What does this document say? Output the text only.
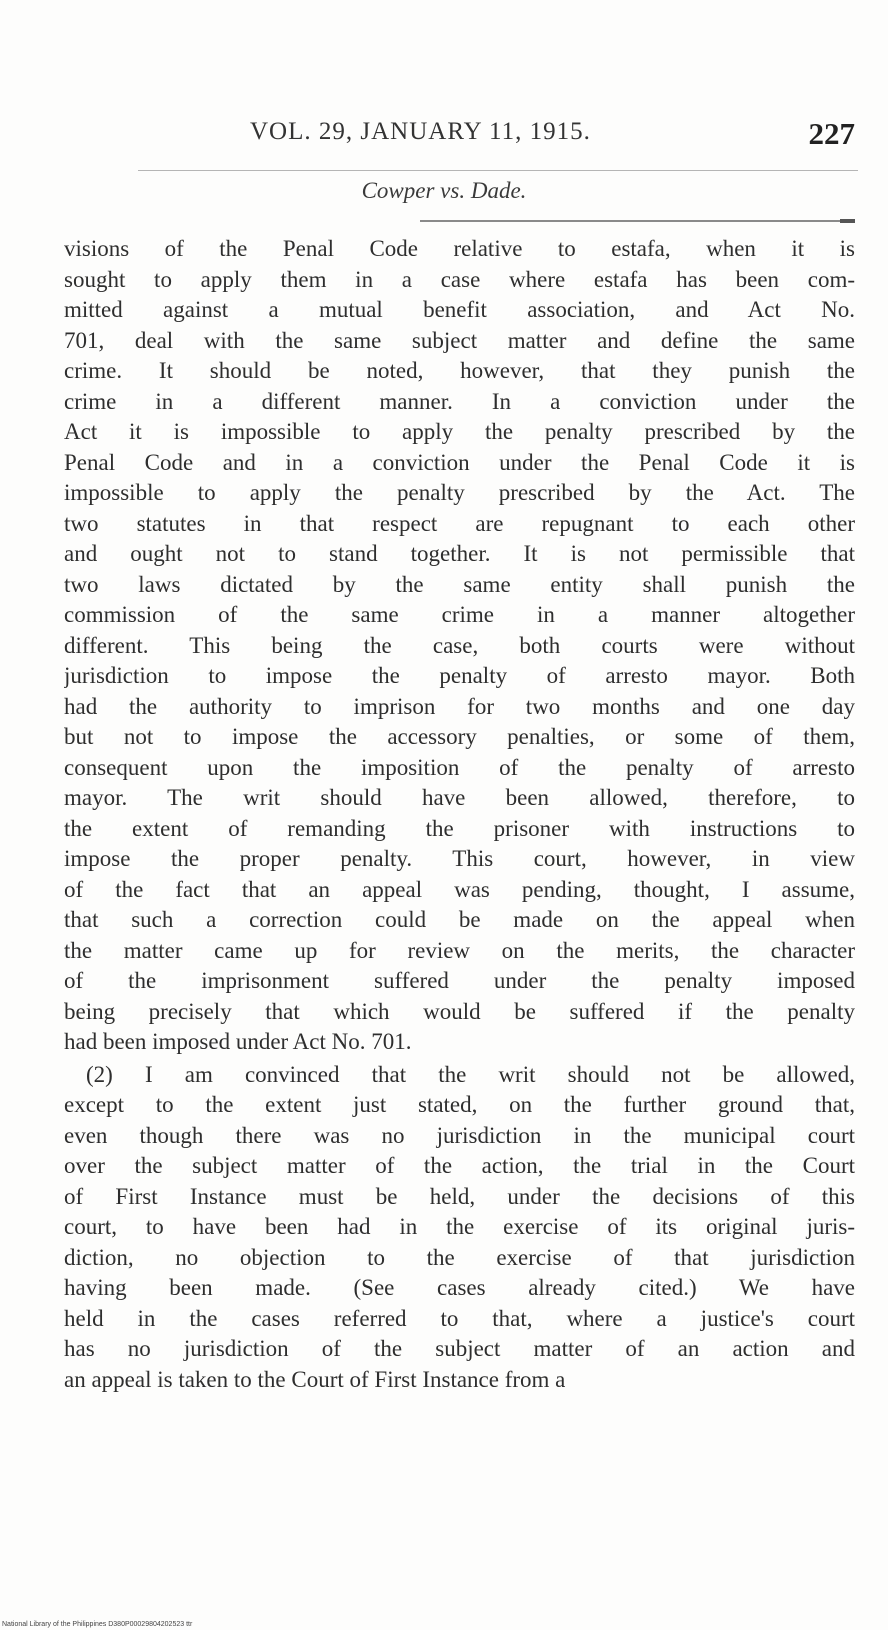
VOL. 29, JANUARY 11, 1915.	227
Cowper vs. Dade.
visions of the Penal Code relative to estafa, when it is
sought to apply them in a case where estafa has been com-
mitted against a mutual benefit association, and Act No.
701, deal with the same subject matter and define the same
crime. It should be noted, however, that they punish the
crime in a different manner. In a conviction under the
Act it is impossible to apply the penalty prescribed by the
Penal Code and in a conviction under the Penal Code it is
impossible to apply the penalty prescribed by the Act. The
two statutes in that respect are repugnant to each other
and ought not to stand together. It is not permissible that
two laws dictated by the same entity shall punish the
commission of the same crime in a manner altogether
different. This being the case, both courts were without
jurisdiction to impose the penalty of arresto mayor. Both
had the authority to imprison for two months and one day
but not to impose the accessory penalties, or some of them,
consequent upon the imposition of the penalty of arresto
mayor. The writ should have been allowed, therefore, to
the extent of remanding the prisoner with instructions to
impose the proper penalty. This court, however, in view
of the fact that an appeal was pending, thought, I assume,
that such a correction could be made on the appeal when
the matter came up for review on the merits, the character
of the imprisonment suffered under the penalty imposed
being precisely that which would be suffered if the penalty
had been imposed under Act No. 701.
(2) I am convinced that the writ should not be allowed,
except to the extent just stated, on the further ground that,
even though there was no jurisdiction in the municipal court
over the subject matter of the action, the trial in the Court
of First Instance must be held, under the decisions of this
court, to have been had in the exercise of its original juris-
diction, no objection to the exercise of that jurisdiction
having been made. (See cases already cited.) We have
held in the cases referred to that, where a justice's court
has no jurisdiction of the subject matter of an action and
an appeal is taken to the Court of First Instance from a
National Library of the Philippines D380P00029804202523 ttr
